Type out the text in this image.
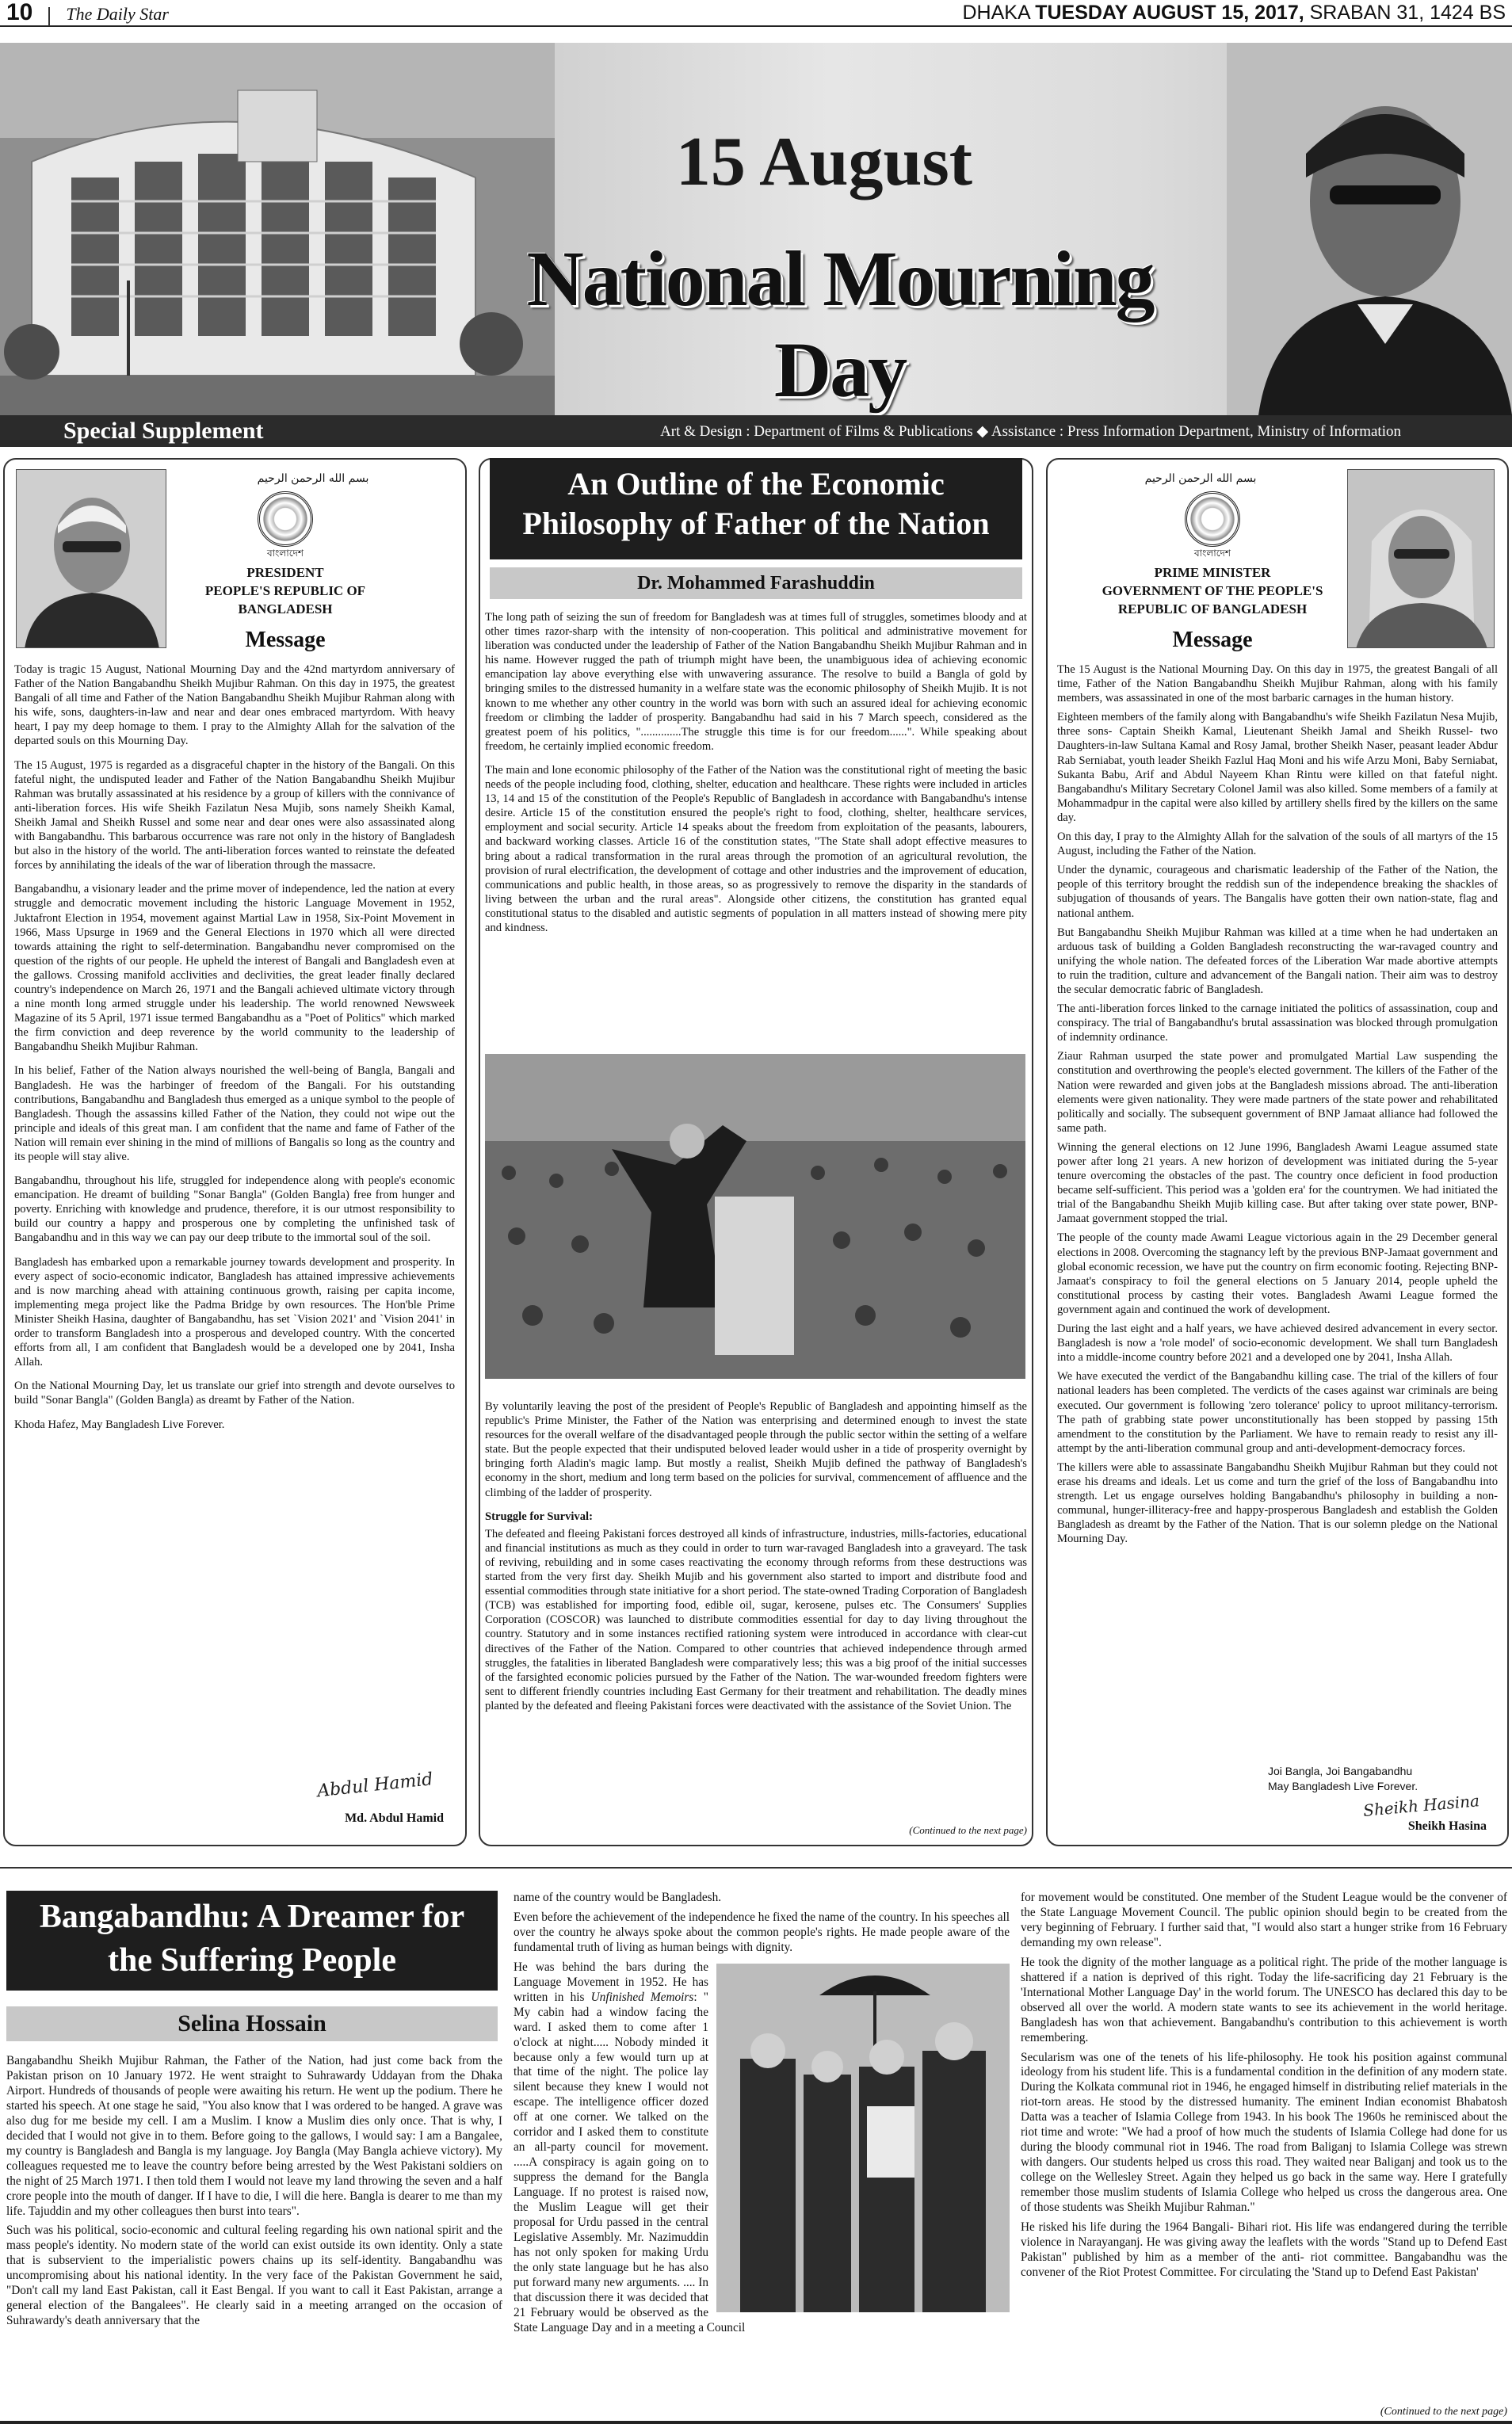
10 The Daily Star	DHAKA TUESDAY AUGUST 15, 2017, SRABAN 31, 1424 BS
15 August
National Mourning Day
Special Supplement	Art & Design : Department of Films & Publications ◆ Assistance : Press Information Department, Ministry of Information
بسم الله الرحمن الرحيم
বাংলাদেশ
PRESIDENT
PEOPLE'S REPUBLIC OF
BANGLADESH
Message

Today is tragic 15 August, National Mourning Day and the 42nd martyrdom anniversary of Father of the Nation Bangabandhu Sheikh Mujibur Rahman. On this day in 1975, the greatest Bangali of all time and Father of the Nation Bangabandhu Sheikh Mujibur Rahman along with his wife, sons, daughters-in-law and near and dear ones embraced martyrdom. With heavy heart, I pay my deep homage to them. I pray to the Almighty Allah for the salvation of the departed souls on this Mourning Day.

The 15 August, 1975 is regarded as a disgraceful chapter in the history of the Bangali. On this fateful night, the undisputed leader and Father of the Nation Bangabandhu Sheikh Mujibur Rahman was brutally assassinated at his residence by a group of killers with the connivance of anti-liberation forces. His wife Sheikh Fazilatun Nesa Mujib, sons namely Sheikh Kamal, Sheikh Jamal and Sheikh Russel and some near and dear ones were also assassinated along with Bangabandhu. This barbarous occurrence was rare not only in the history of Bangladesh but also in the history of the world. The anti-liberation forces wanted to reinstate the defeated forces by annihilating the ideals of the war of liberation through the massacre.

Bangabandhu, a visionary leader and the prime mover of independence, led the nation at every struggle and democratic movement including the historic Language Movement in 1952, Juktafront Election in 1954, movement against Martial Law in 1958, Six-Point Movement in 1966, Mass Upsurge in 1969 and the General Elections in 1970 which all were directed towards attaining the right to self-determination. Bangabandhu never compromised on the question of the rights of our people. He upheld the interest of Bangali and Bangladesh even at the gallows. Crossing manifold acclivities and declivities, the great leader finally declared country's independence on March 26, 1971 and the Bangali achieved ultimate victory through a nine month long armed struggle under his leadership. The world renowned Newsweek Magazine of its 5 April, 1971 issue termed Bangabandhu as a "Poet of Politics" which marked the firm conviction and deep reverence by the world community to the leadership of Bangabandhu Sheikh Mujibur Rahman.

In his belief, Father of the Nation always nourished the well-being of Bangla, Bangali and Bangladesh. He was the harbinger of freedom of the Bangali. For his outstanding contributions, Bangabandhu and Bangladesh thus emerged as a unique symbol to the people of Bangladesh. Though the assassins killed Father of the Nation, they could not wipe out the principle and ideals of this great man. I am confident that the name and fame of Father of the Nation will remain ever shining in the mind of millions of Bangalis so long as the country and its people will stay alive.

Bangabandhu, throughout his life, struggled for independence along with people's economic emancipation. He dreamt of building "Sonar Bangla" (Golden Bangla) free from hunger and poverty. Enriching with knowledge and prudence, therefore, it is our utmost responsibility to build our country a happy and prosperous one by completing the unfinished task of Bangabandhu and in this way we can pay our deep tribute to the immortal soul of the soil.

Bangladesh has embarked upon a remarkable journey towards development and prosperity. In every aspect of socio-economic indicator, Bangladesh has attained impressive achievements and is now marching ahead with attaining continuous growth, raising per capita income, implementing mega project like the Padma Bridge by own resources. The Hon'ble Prime Minister Sheikh Hasina, daughter of Bangabandhu, has set `Vision 2021' and `Vision 2041' in order to transform Bangladesh into a prosperous and developed country. With the concerted efforts from all, I am confident that Bangladesh would be a developed one by 2041, Insha Allah.

On the National Mourning Day, let us translate our grief into strength and devote ourselves to build "Sonar Bangla" (Golden Bangla) as dreamt by Father of the Nation.

Khoda Hafez, May Bangladesh Live Forever.

Abdul Hamid
Md. Abdul Hamid
An Outline of the Economic Philosophy of Father of the Nation
Dr. Mohammed Farashuddin

The long path of seizing the sun of freedom for Bangladesh was at times full of struggles, sometimes bloody and at other times razor-sharp with the intensity of non-cooperation. This political and administrative movement for liberation was conducted under the leadership of Father of the Nation Bangabandhu Sheikh Mujibur Rahman and in his name. However rugged the path of triumph might have been, the unambiguous idea of achieving economic emancipation lay above everything else with unwavering assurance. The resolve to build a Bangla of gold by bringing smiles to the distressed humanity in a welfare state was the economic philosophy of Sheikh Mujib. It is not known to me whether any other country in the world was born with such an assured ideal for achieving economic freedom or climbing the ladder of prosperity. Bangabandhu had said in his 7 March speech, considered as the greatest poem of his politics, "..............The struggle this time is for our freedom......". While speaking about freedom, he certainly implied economic freedom.

The main and lone economic philosophy of the Father of the Nation was the constitutional right of meeting the basic needs of the people including food, clothing, shelter, education and healthcare. These rights were included in articles 13, 14 and 15 of the constitution of the People's Republic of Bangladesh in accordance with Bangabandhu's intense desire. Article 15 of the constitution ensured the people's right to food, clothing, shelter, healthcare services, employment and social security. Article 14 speaks about the freedom from exploitation of the peasants, labourers, and backward working classes. Article 16 of the constitution states, "The State shall adopt effective measures to bring about a radical transformation in the rural areas through the promotion of an agricultural revolution, the provision of rural electrification, the development of cottage and other industries and the improvement of education, communications and public health, in those areas, so as progressively to remove the disparity in the standards of living between the urban and the rural areas". Alongside other citizens, the constitution has granted equal constitutional status to the disabled and autistic segments of population in all matters instead of showing mere pity and kindness.

By voluntarily leaving the post of the president of People's Republic of Bangladesh and appointing himself as the republic's Prime Minister, the Father of the Nation was enterprising and determined enough to invest the state resources for the overall welfare of the disadvantaged people through the public sector within the setting of a welfare state. But the people expected that their undisputed beloved leader would usher in a tide of prosperity overnight by bringing forth Aladin's magic lamp. But mostly a realist, Sheikh Mujib defined the pathway of Bangladesh's economy in the short, medium and long term based on the policies for survival, commencement of affluence and the climbing of the ladder of prosperity.

Struggle for Survival:

The defeated and fleeing Pakistani forces destroyed all kinds of infrastructure, industries, mills-factories, educational and financial institutions as much as they could in order to turn war-ravaged Bangladesh into a graveyard. The task of reviving, rebuilding and in some cases reactivating the economy through reforms from these destructions was started from the very first day. Sheikh Mujib and his government also started to import and distribute food and essential commodities through state initiative for a short period. The state-owned Trading Corporation of Bangladesh (TCB) was established for importing food, edible oil, sugar, kerosene, pulses etc. The Consumers' Supplies Corporation (COSCOR) was launched to distribute commodities essential for day to day living throughout the country. Statutory and in some instances rectified rationing system were introduced in accordance with clear-cut directives of the Father of the Nation. Compared to other countries that achieved independence through armed struggles, the fatalities in liberated Bangladesh were comparatively less; this was a big proof of the initial successes of the farsighted economic policies pursued by the Father of the Nation. The war-wounded freedom fighters were sent to different friendly countries including East Germany for their treatment and rehabilitation. The deadly mines planted by the defeated and fleeing Pakistani forces were deactivated with the assistance of the Soviet Union. The

(Continued to the next page)
بسم الله الرحمن الرحيم
বাংলাদেশ
PRIME MINISTER
GOVERNMENT OF THE PEOPLE'S
REPUBLIC OF BANGLADESH
Message

The 15 August is the National Mourning Day. On this day in 1975, the greatest Bangali of all time, Father of the Nation Bangabandhu Sheikh Mujibur Rahman, along with his family members, was assassinated in one of the most barbaric carnages in the human history.

Eighteen members of the family along with Bangabandhu's wife Sheikh Fazilatun Nesa Mujib, three sons- Captain Sheikh Kamal, Lieutenant Sheikh Jamal and Sheikh Russel- two Daughters-in-law Sultana Kamal and Rosy Jamal, brother Sheikh Naser, peasant leader Abdur Rab Serniabat, youth leader Sheikh Fazlul Haq Moni and his wife Arzu Moni, Baby Serniabat, Sukanta Babu, Arif and Abdul Nayeem Khan Rintu were killed on that fateful night. Bangabandhu's Military Secretary Colonel Jamil was also killed. Some members of a family at Mohammadpur in the capital were also killed by artillery shells fired by the killers on the same day.

On this day, I pray to the Almighty Allah for the salvation of the souls of all martyrs of the 15 August, including the Father of the Nation.

Under the dynamic, courageous and charismatic leadership of the Father of the Nation, the people of this territory brought the reddish sun of the independence breaking the shackles of subjugation of thousands of years. The Bangalis have gotten their own nation-state, flag and national anthem.

But Bangabandhu Sheikh Mujibur Rahman was killed at a time when he had undertaken an arduous task of building a Golden Bangladesh reconstructing the war-ravaged country and unifying the whole nation. The defeated forces of the Liberation War made abortive attempts to ruin the tradition, culture and advancement of the Bangali nation. Their aim was to destroy the secular democratic fabric of Bangladesh.

The anti-liberation forces linked to the carnage initiated the politics of assassination, coup and conspiracy. The trial of Bangabandhu's brutal assassination was blocked through promulgation of indemnity ordinance.

Ziaur Rahman usurped the state power and promulgated Martial Law suspending the constitution and overthrowing the people's elected government. The killers of the Father of the Nation were rewarded and given jobs at the Bangladesh missions abroad. The anti-liberation elements were given nationality. They were made partners of the state power and rehabilitated politically and socially. The subsequent government of BNP Jamaat alliance had followed the same path.

Winning the general elections on 12 June 1996, Bangladesh Awami League assumed state power after long 21 years. A new horizon of development was initiated during the 5-year tenure overcoming the obstacles of the past. The country once deficient in food production became self-sufficient. This period was a 'golden era' for the countrymen. We had initiated the trial of the Bangabandhu Sheikh Mujib killing case. But after taking over state power, BNP-Jamaat government stopped the trial.

The people of the county made Awami League victorious again in the 29 December general elections in 2008. Overcoming the stagnancy left by the previous BNP-Jamaat government and global economic recession, we have put the country on firm economic footing. Rejecting BNP-Jamaat's conspiracy to foil the general elections on 5 January 2014, people upheld the constitutional process by casting their votes. Bangladesh Awami League formed the government again and continued the work of development.

During the last eight and a half years, we have achieved desired advancement in every sector. Bangladesh is now a 'role model' of socio-economic development. We shall turn Bangladesh into a middle-income country before 2021 and a developed one by 2041, Insha Allah.

We have executed the verdict of the Bangabandhu killing case. The trial of the killers of four national leaders has been completed. The verdicts of the cases against war criminals are being executed. Our government is following 'zero tolerance' policy to uproot militancy-terrorism. The path of grabbing state power unconstitutionally has been stopped by passing 15th amendment to the constitution by the Parliament. We have to remain ready to resist any ill-attempt by the anti-liberation communal group and anti-development-democracy forces.

The killers were able to assassinate Bangabandhu Sheikh Mujibur Rahman but they could not erase his dreams and ideals. Let us come and turn the grief of the loss of Bangabandhu into strength. Let us engage ourselves holding Bangabandhu's philosophy in building a non-communal, hunger-illiteracy-free and happy-prosperous Bangladesh and establish the Golden Bangladesh as dreamt by the Father of the Nation. That is our solemn pledge on the National Mourning Day.

Joi Bangla, Joi Bangabandhu
May Bangladesh Live Forever.
Sheikh Hasina
Sheikh Hasina
Bangabandhu: A Dreamer for the Suffering People
Selina Hossain

Bangabandhu Sheikh Mujibur Rahman, the Father of the Nation, had just come back from the Pakistan prison on 10 January 1972. He went straight to Suhrawardy Uddayan from the Dhaka Airport. Hundreds of thousands of people were awaiting his return. He went up the podium. There he started his speech. At one stage he said, "You also know that I was ordered to be hanged. A grave was also dug for me beside my cell. I am a Muslim. I know a Muslim dies only once. That is why, I decided that I would not give in to them. Before going to the gallows, I would say: I am a Bangalee, my country is Bangladesh and Bangla is my language. Joy Bangla (May Bangla achieve victory). My colleagues requested me to leave the country before being arrested by the West Pakistani soldiers on the night of 25 March 1971. I then told them I would not leave my land throwing the seven and a half crore people into the mouth of danger. If I have to die, I will die here. Bangla is dearer to me than my life. Tajuddin and my other colleagues then burst into tears".

Such was his political, socio-economic and cultural feeling regarding his own national spirit and the mass people's identity. No modern state of the world can exist outside its own identity. Only a state that is subservient to the imperialistic powers chains up its self-identity. Bangabandhu was uncompromising about his national identity. In the very face of the Pakistan Government he said, "Don't call my land East Pakistan, call it East Bengal. If you want to call it East Pakistan, arrange a general election of the Bangalees". He clearly said in a meeting arranged on the occasion of Suhrawardy's death anniversary that the

name of the country would be Bangladesh.

Even before the achievement of the independence he fixed the name of the country. In his speeches all over the country he always spoke about the common people's rights. He made people aware of the fundamental truth of living as human beings with dignity.

He was behind the bars during the Language Movement in 1952. He has written in his Unfinished Memoirs: " My cabin had a window facing the ward. I asked them to come after 1 o'clock at night..... Nobody minded it because only a few would turn up at that time of the night. The police lay silent because they knew I would not escape. The intelligence officer dozed off at one corner. We talked on the corridor and I asked them to constitute an all-party council for movement. .....A conspiracy is again going on to suppress the demand for the Bangla Language. If no protest is raised now, the Muslim League will get their proposal for Urdu passed in the central Legislative Assembly. Mr. Nazimuddin has not only spoken for making Urdu the only state language but he has also put forward many new arguments. .... In that discussion there it was decided that 21 February would be observed as the State Language Day and in a meeting a Council

for movement would be constituted. One member of the Student League would be the convener of the State Language Movement Council. The public opinion should begin to be created from the very beginning of February. I further said that, "I would also start a hunger strike from 16 February demanding my own release".

He took the dignity of the mother language as a political right. The pride of the mother language is shattered if a nation is deprived of this right. Today the life-sacrificing day 21 February is the 'International Mother Language Day' in the world forum. The UNESCO has declared this day to be observed all over the world. A modern state wants to see its achievement in the world heritage. Bangladesh has won that achievement. Bangabandhu's contribution to this achievement is worth remembering.

Secularism was one of the tenets of his life-philosophy. He took his position against communal ideology from his student life. This is a fundamental condition in the definition of any modern state. During the Kolkata communal riot in 1946, he engaged himself in distributing relief materials in the riot-torn areas. He stood by the distressed humanity. The eminent Indian economist Bhabatosh Datta was a teacher of Islamia College from 1943. In his book The 1960s he reminisced about the riot time and wrote: "We had a proof of how much the students of Islamia College had done for us during the bloody communal riot in 1946. The road from Baliganj to Islamia College was strewn with dangers. Our students helped us cross this road. They waited near Baliganj and took us to the college on the Wellesley Street. Again they helped us go back in the same way. Here I gratefully remember those muslim students of Islamia College who helped us cross the dangerous area. One of those students was Sheikh Mujibur Rahman."

He risked his life during the 1964 Bangali- Bihari riot. His life was endangered during the terrible violence in Narayanganj. He was giving away the leaflets with the words "Stand up to Defend East Pakistan" published by him as a member of the anti- riot committee. Bangabandhu was the convener of the Riot Protest Committee. For circulating the 'Stand up to Defend East Pakistan'

(Continued to the next page)
